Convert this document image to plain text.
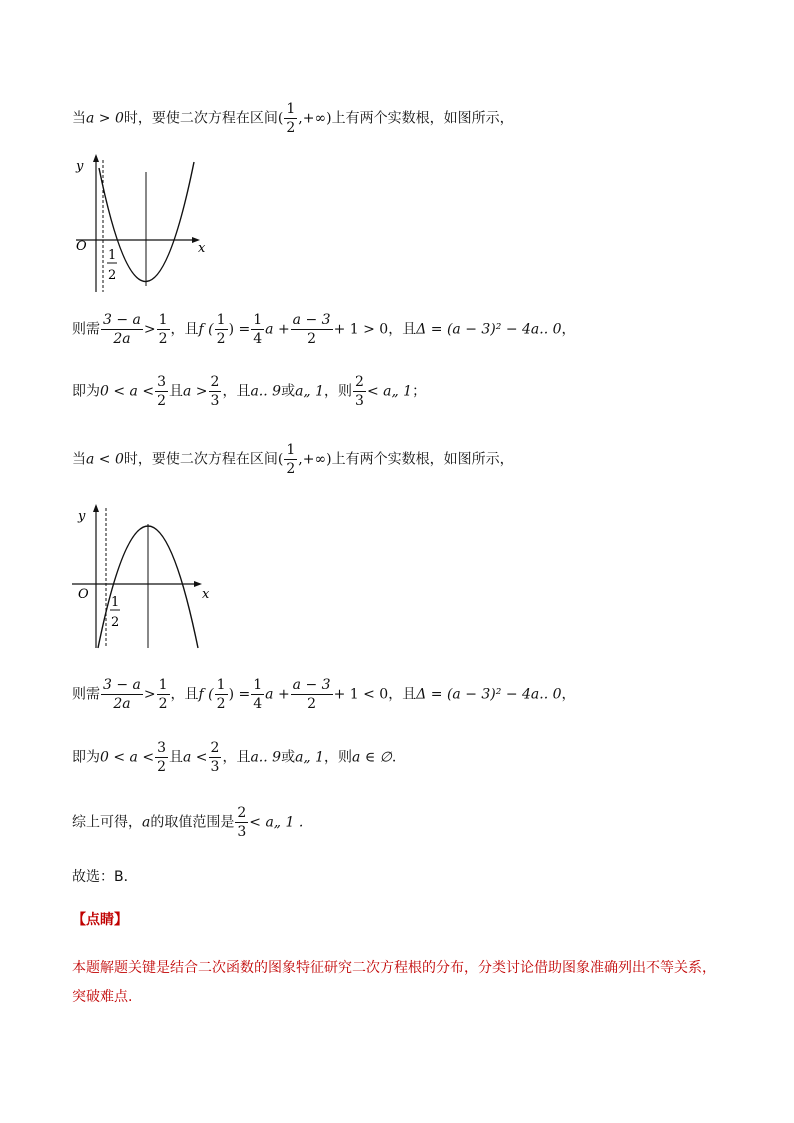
当a > 0时，要使二次方程在区间( $\frac{1}{2}$ ,+∞)上有两个实数根，如图所示，
y
x
O
1
2
则需 $\frac{3 - a}{2a} > \frac{1}{2}$ ，且f ( $\frac{1}{2}$ ) = $\frac{1}{4}$ $a + \frac{a - 3}{2} + 1 > 0$，且Δ = (a − 3)² − 4a.. 0，
即为$0 < a < \frac{3}{2}$ 且$a > \frac{2}{3}$ ，且a.. 9或a„ 1，则 $\frac{2}{3}$ < a„ 1；
当a < 0时，要使二次方程在区间( $\frac{1}{2}$ ,+∞)上有两个实数根，如图所示，
y
x
O
1
2
则需 $\frac{3 - a}{2a} > \frac{1}{2}$ ，且f ( $\frac{1}{2}$ ) = $\frac{1}{4}$ $a + \frac{a - 3}{2} + 1 < 0$，且Δ = (a − 3)² − 4a.. 0，
即为$0 < a < \frac{3}{2}$ 且$a < \frac{2}{3}$ ，且a.. 9或a„ 1，则a ∈ ∅.
综上可得，a的取值范围是 $\frac{2}{3}$ < a„ 1 .
故选：B．
【点睛】
本题解题关键是结合二次函数的图象特征研究二次方程根的分布，分类讨论借助图象准确列出不等关系，
突破难点.
